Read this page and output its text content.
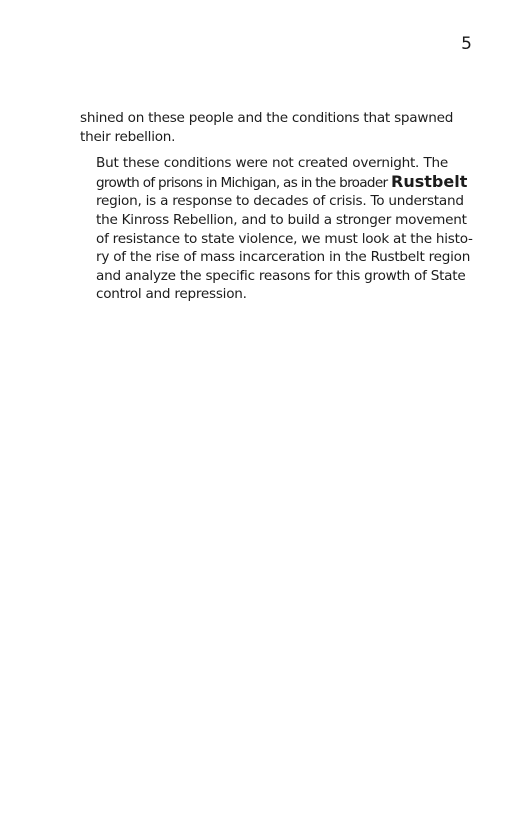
5

shined on these people and the conditions that spawned
their rebellion.

But these conditions were not created overnight. The
growth of prisons in Michigan, as in the broader Rustbelt
region, is a response to decades of crisis. To understand
the Kinross Rebellion, and to build a stronger movement
of resistance to state violence, we must look at the histo-
ry of the rise of mass incarceration in the Rustbelt region
and analyze the specific reasons for this growth of State
control and repression.
